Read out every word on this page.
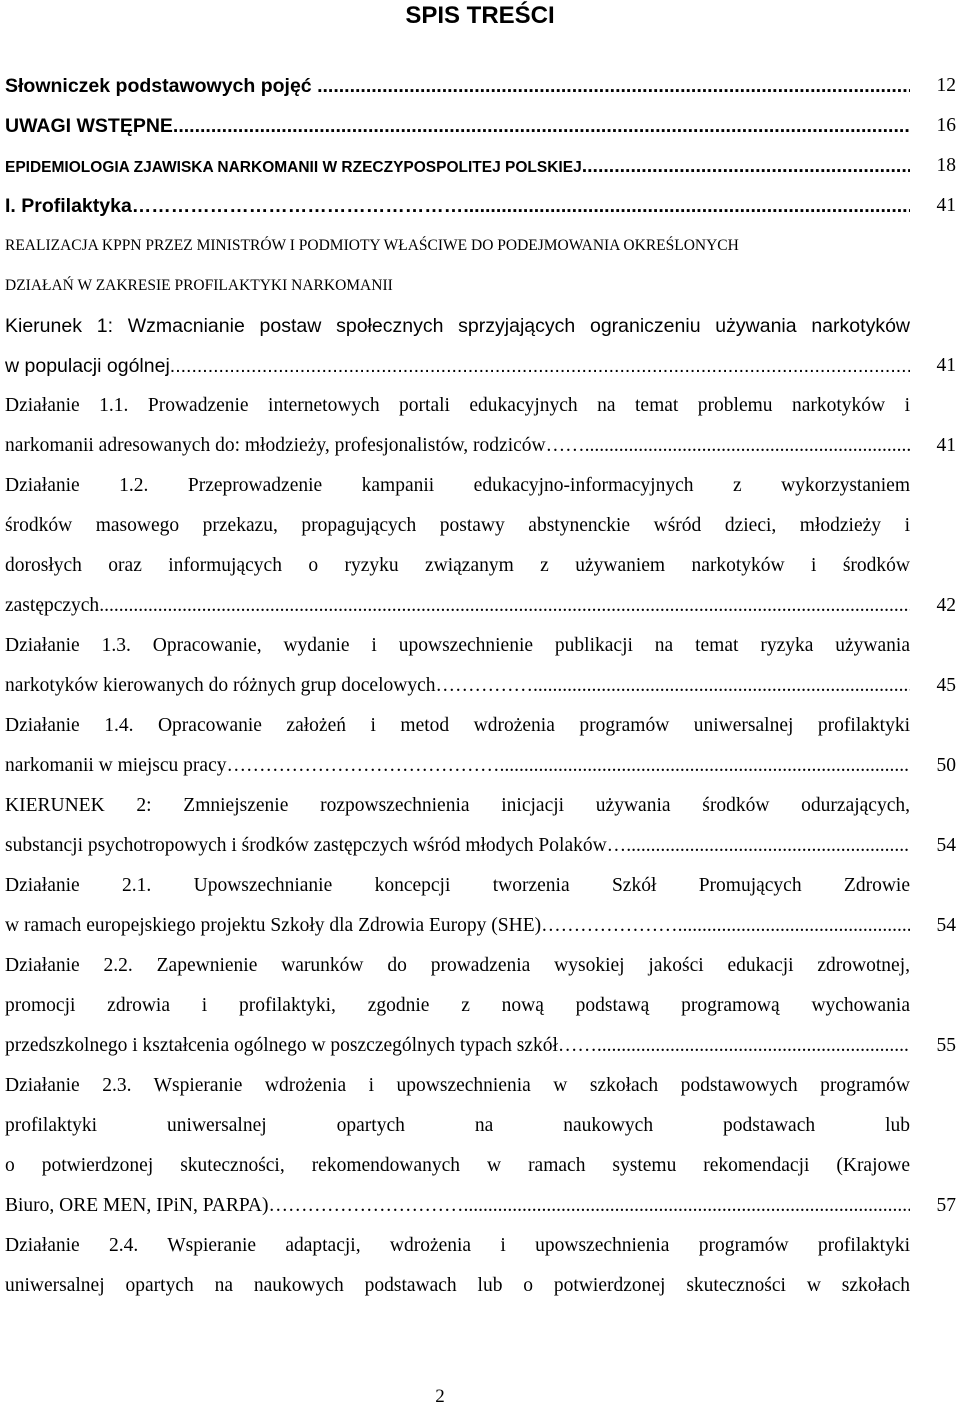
SPIS TREŚCI
Słowniczek podstawowych pojęć ... .....	12
UWAGI WSTĘPNE .....	16
EPIDEMIOLOGIA ZJAWISKA NARKOMANII W RZECZYPOSPOLITEJ POLSKIEJ .....	18
I. Profilaktyka…………………………………………… .....	41
REALIZACJA KPPN PRZEZ MINISTRÓW I PODMIOTY WŁAŚCIWE DO PODEJMOWANIA OKREŚLONYCH
DZIAŁAŃ W ZAKRESIE PROFILAKTYKI NARKOMANII
Kierunek 1: Wzmacnianie postaw społecznych sprzyjających ograniczeniu używania narkotyków
w populacji ogólnej .....	41
Działanie 1.1. Prowadzenie internetowych portali edukacyjnych na temat problemu narkotyków i
narkomanii adresowanych do: młodzieży, profesjonalistów, rodziców…… .....	41
Działanie 1.2. Przeprowadzenie kampanii edukacyjno-informacyjnych z wykorzystaniem
środków masowego przekazu, propagujących postawy abstynenckie wśród dzieci, młodzieży i
dorosłych oraz informujących o ryzyku związanym z używaniem narkotyków i środków
zastępczych .....	42
Działanie 1.3. Opracowanie, wydanie i upowszechnienie publikacji na temat ryzyka używania
narkotyków kierowanych do różnych grup docelowych…………… .....	45
Działanie 1.4. Opracowanie założeń i metod wdrożenia programów uniwersalnej profilaktyki
narkomanii w miejscu pracy…………………………………… .....	50
KIERUNEK 2: Zmniejszenie rozpowszechnienia inicjacji używania środków odurzających,
substancji psychotropowych i środków zastępczych wśród młodych Polaków… .....	54
Działanie 2.1. Upowszechnianie koncepcji tworzenia Szkół Promujących Zdrowie
w ramach europejskiego projektu Szkoły dla Zdrowia Europy (SHE)………………… .....	54
Działanie 2.2. Zapewnienie warunków do prowadzenia wysokiej jakości edukacji zdrowotnej,
promocji zdrowia i profilaktyki, zgodnie z nową podstawą programową wychowania
przedszkolnego i kształcenia ogólnego w poszczególnych typach szkół…… .....	55
Działanie 2.3. Wspieranie wdrożenia i upowszechnienia w szkołach podstawowych programów
profilaktyki uniwersalnej opartych na naukowych podstawach lub
o potwierdzonej skuteczności, rekomendowanych w ramach systemu rekomendacji (Krajowe
Biuro, ORE MEN, IPiN, PARPA)………………………… .....	57
Działanie 2.4. Wspieranie adaptacji, wdrożenia i upowszechnienia programów profilaktyki
uniwersalnej opartych na naukowych podstawach lub o potwierdzonej skuteczności w szkołach
2
